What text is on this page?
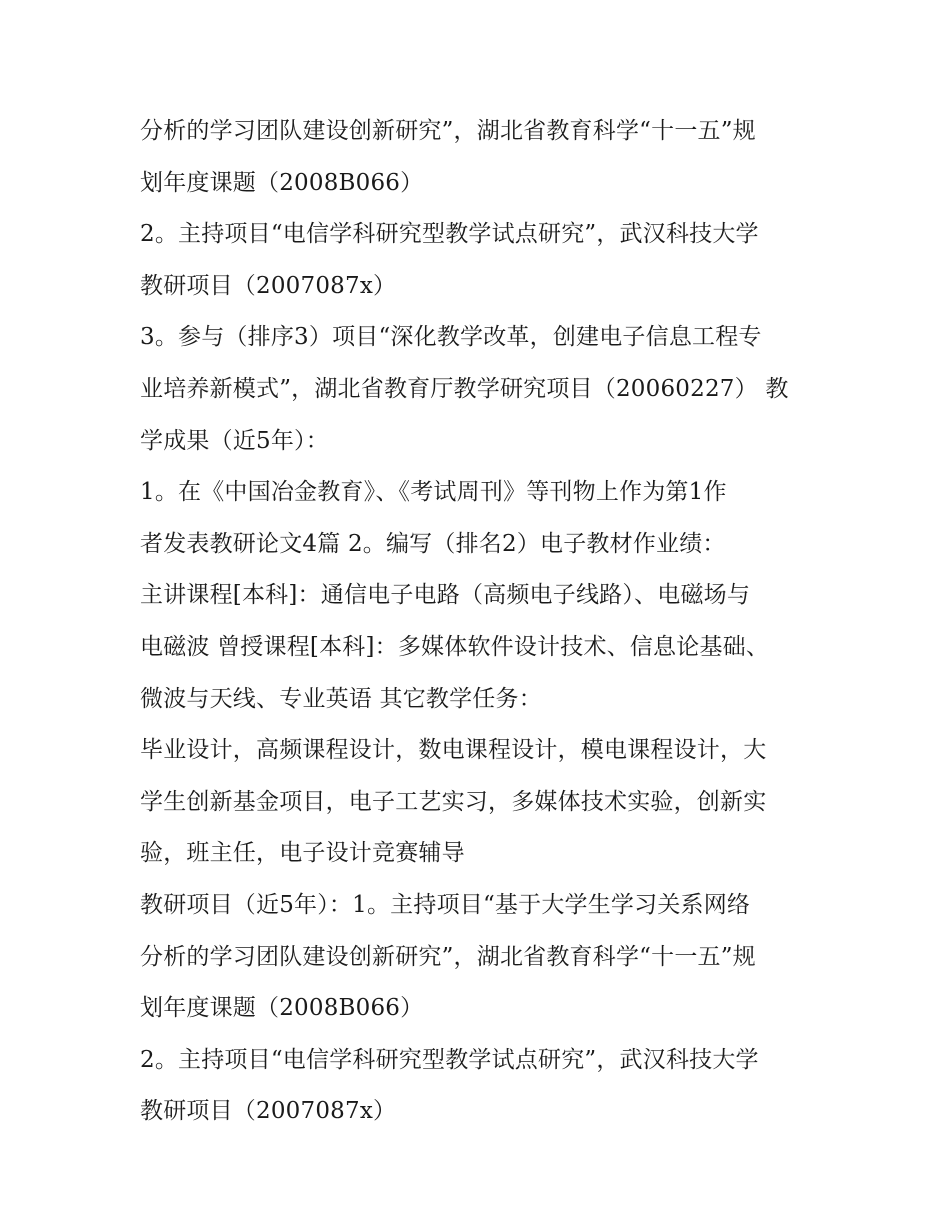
分析的学习团队建设创新研究”，湖北省教育科学“十一五”规
划年度课题（2008B066）
2。主持项目“电信学科研究型教学试点研究”，武汉科技大学
教研项目（2007087x）
3。参与（排序3）项目“深化教学改革，创建电子信息工程专
业培养新模式”，湖北省教育厅教学研究项目（20060227） 教
学成果（近5年）：
1。在《中国冶金教育》、《考试周刊》等刊物上作为第1作
者发表教研论文4篇 2。编写（排名2）电子教材作业绩：
主讲课程[本科]：通信电子电路（高频电子线路）、电磁场与
电磁波 曾授课程[本科]：多媒体软件设计技术、信息论基础、
微波与天线、专业英语 其它教学任务：
毕业设计，高频课程设计，数电课程设计，模电课程设计，大
学生创新基金项目，电子工艺实习，多媒体技术实验，创新实
验，班主任，电子设计竞赛辅导
教研项目（近5年）：1。主持项目“基于大学生学习关系网络
分析的学习团队建设创新研究”，湖北省教育科学“十一五”规
划年度课题（2008B066）
2。主持项目“电信学科研究型教学试点研究”，武汉科技大学
教研项目（2007087x）
